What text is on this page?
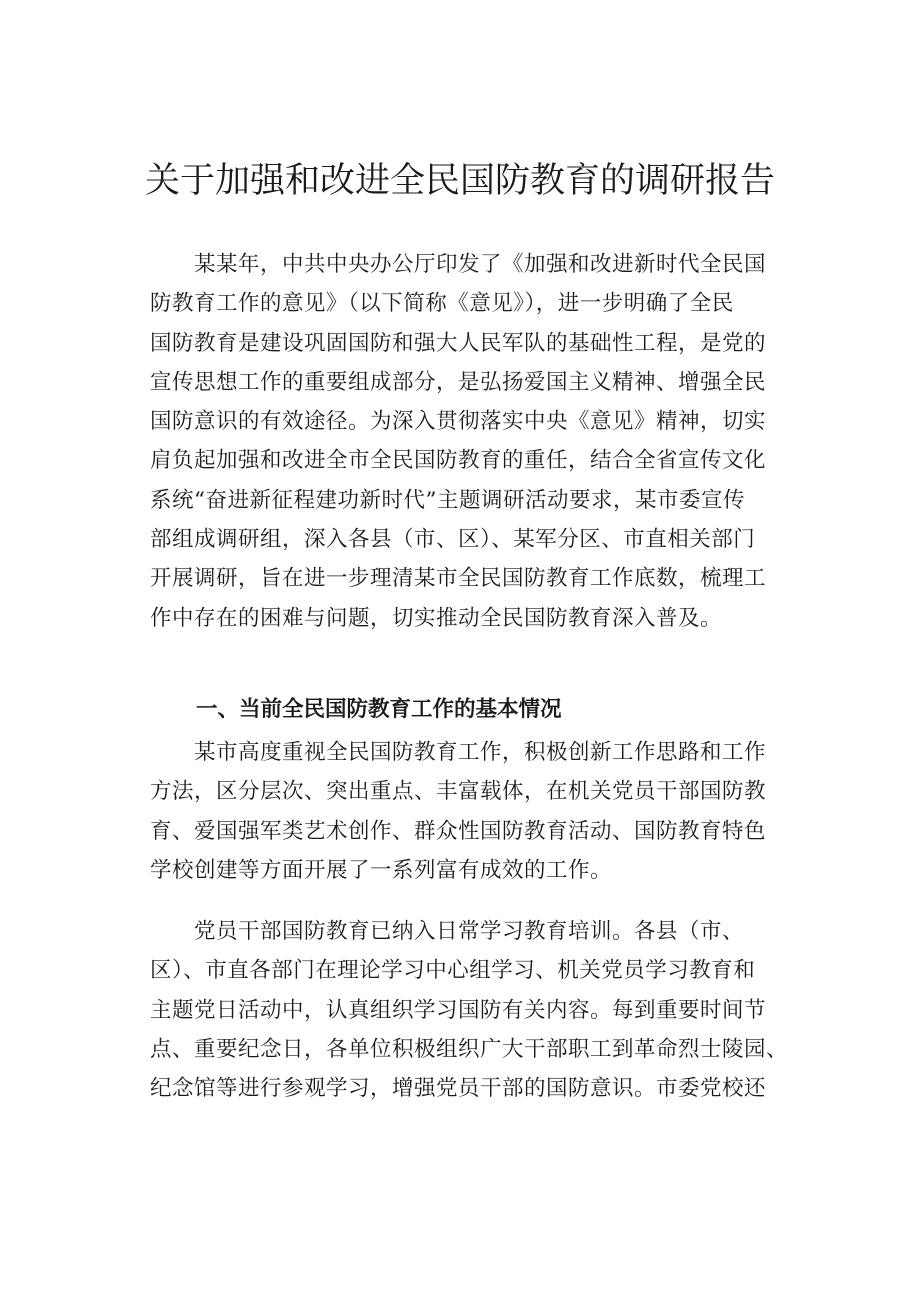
关于加强和改进全民国防教育的调研报告
　　某某年，中共中央办公厅印发了《加强和改进新时代全民国
防教育工作的意见》（以下简称《意见》），进一步明确了全民
国防教育是建设巩固国防和强大人民军队的基础性工程，是党的
宣传思想工作的重要组成部分，是弘扬爱国主义精神、增强全民
国防意识的有效途径。为深入贯彻落实中央《意见》精神，切实
肩负起加强和改进全市全民国防教育的重任，结合全省宣传文化
系统“奋进新征程建功新时代”主题调研活动要求，某市委宣传
部组成调研组，深入各县（市、区）、某军分区、市直相关部门
开展调研，旨在进一步理清某市全民国防教育工作底数，梳理工
作中存在的困难与问题，切实推动全民国防教育深入普及。
一、当前全民国防教育工作的基本情况
　　某市高度重视全民国防教育工作，积极创新工作思路和工作
方法，区分层次、突出重点、丰富载体，在机关党员干部国防教
育、爱国强军类艺术创作、群众性国防教育活动、国防教育特色
学校创建等方面开展了一系列富有成效的工作。
　　党员干部国防教育已纳入日常学习教育培训。各县（市、
区）、市直各部门在理论学习中心组学习、机关党员学习教育和
主题党日活动中，认真组织学习国防有关内容。每到重要时间节
点、重要纪念日，各单位积极组织广大干部职工到革命烈士陵园、
纪念馆等进行参观学习，增强党员干部的国防意识。市委党校还
